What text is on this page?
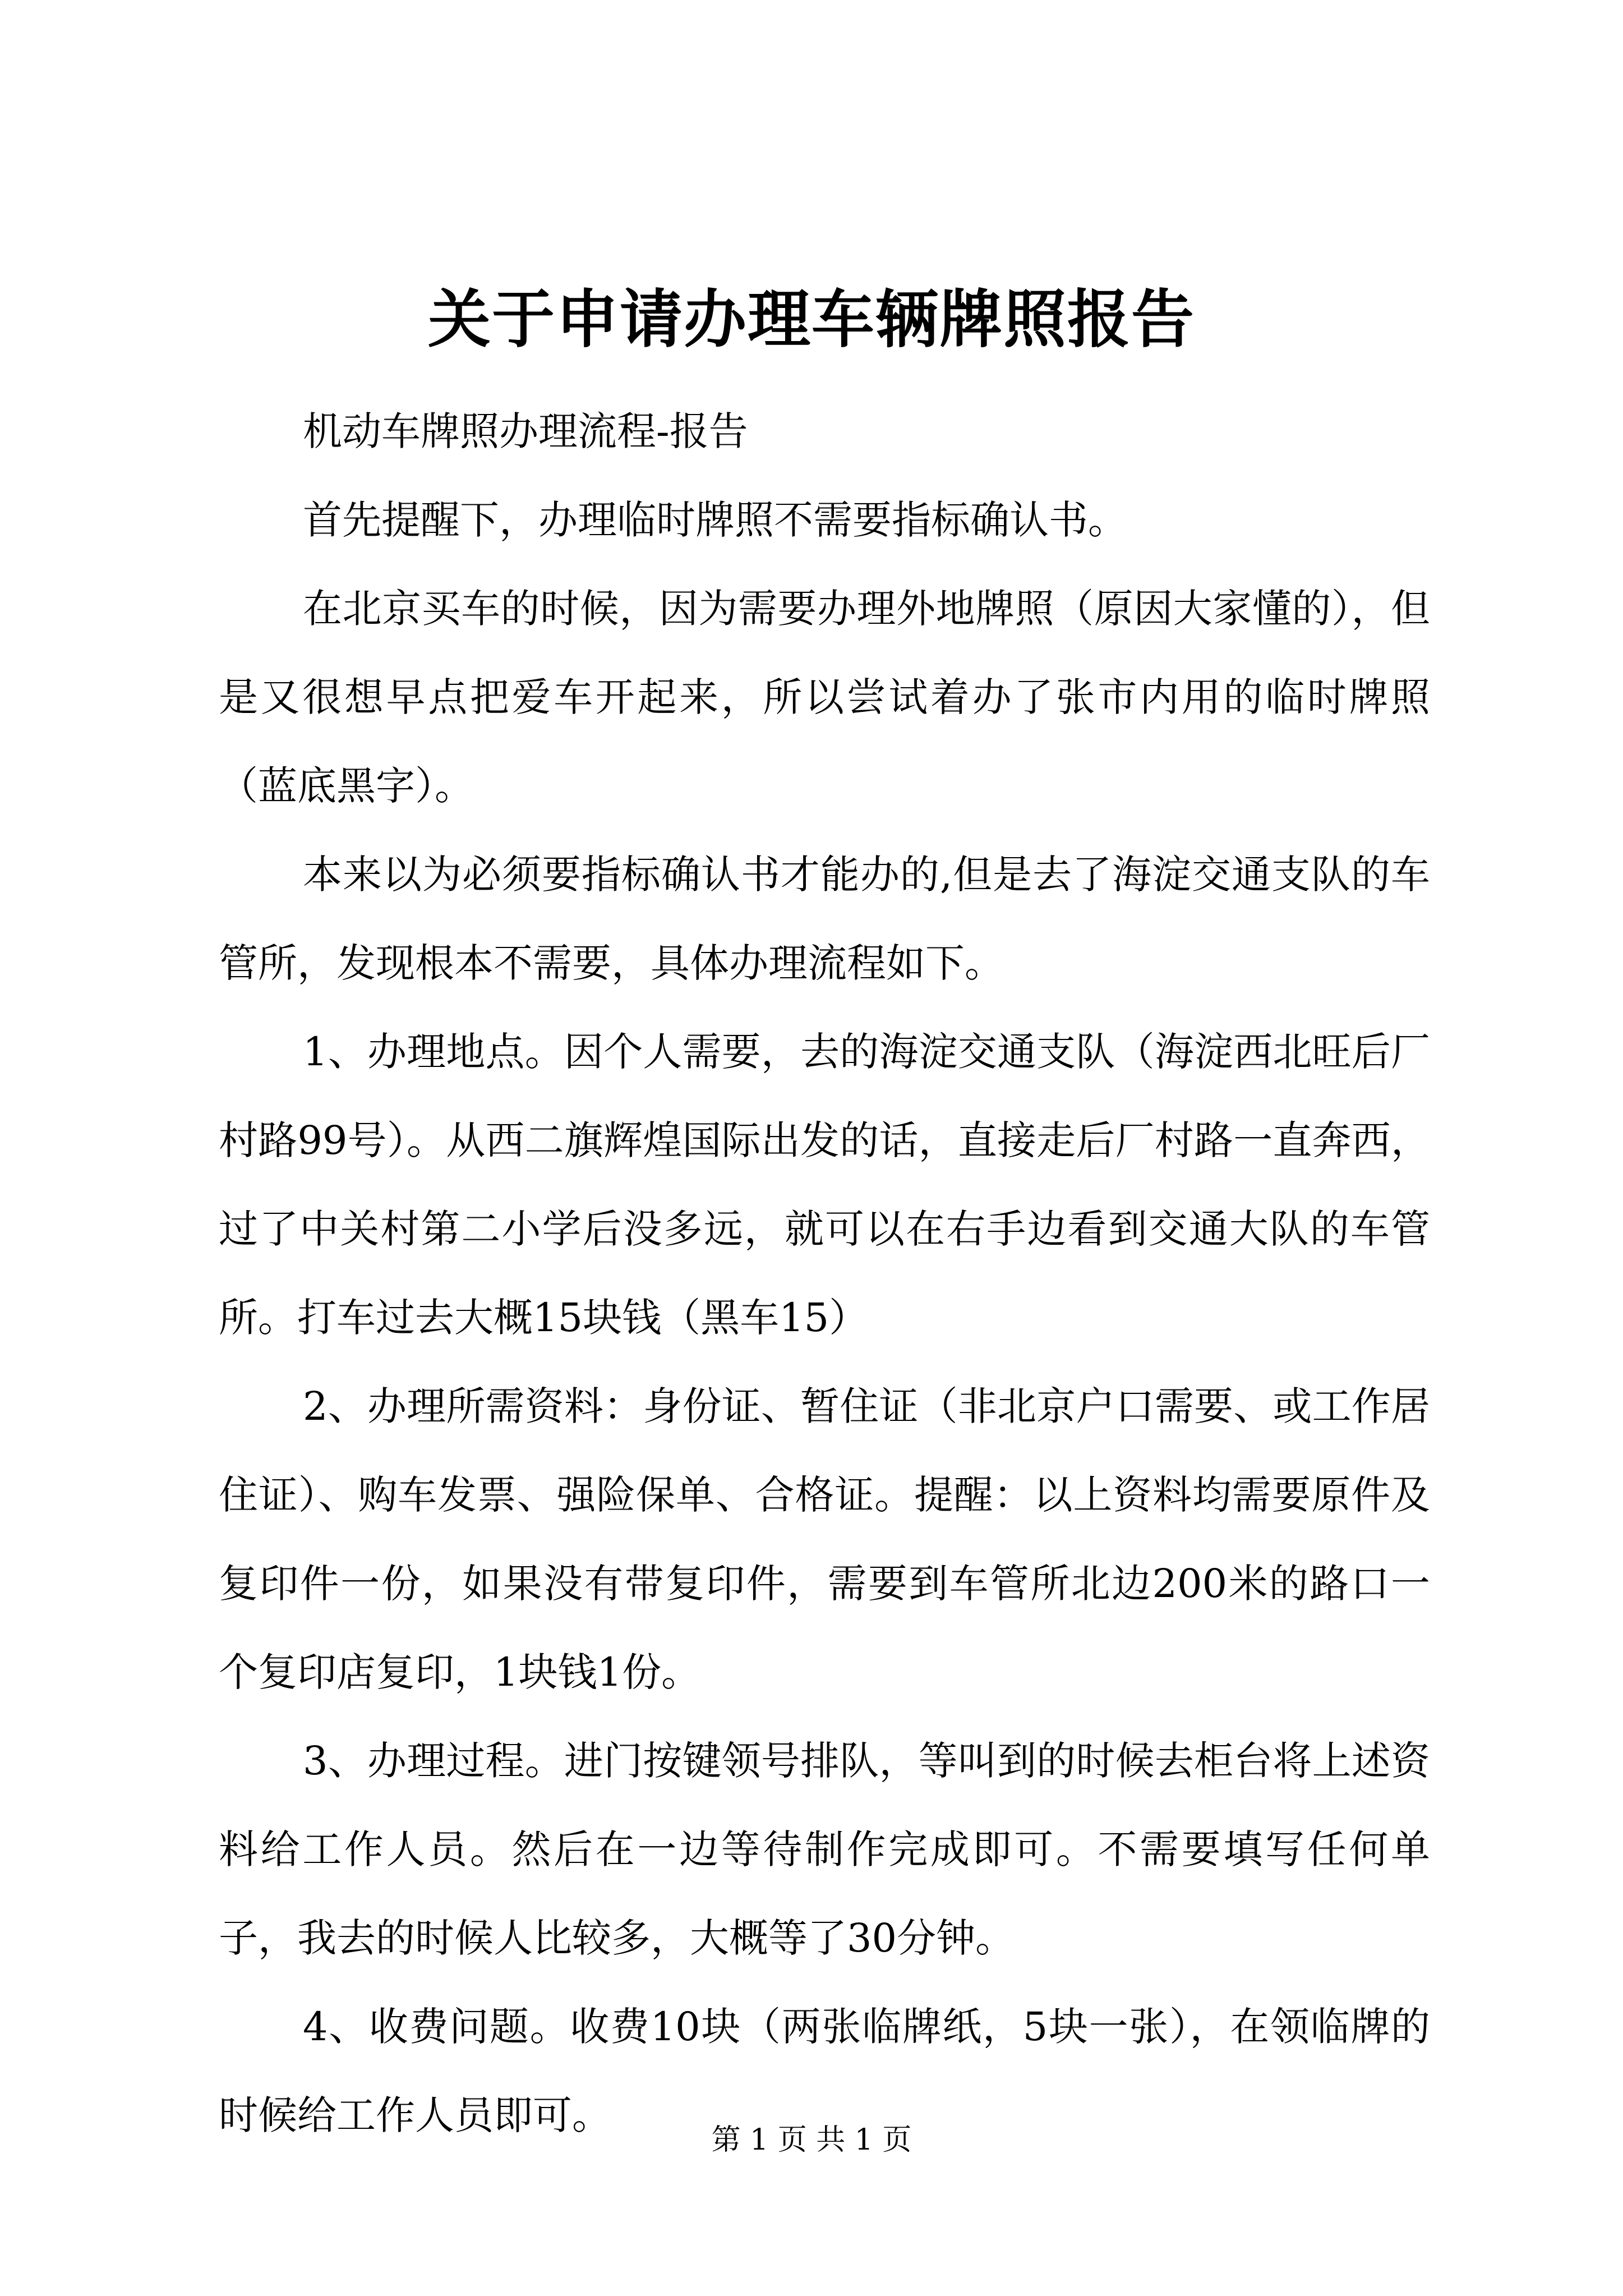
关于申请办理车辆牌照报告

机动车牌照办理流程-报告

首先提醒下，办理临时牌照不需要指标确认书。

在北京买车的时候，因为需要办理外地牌照（原因大家懂的），但是又很想早点把爱车开起来，所以尝试着办了张市内用的临时牌照（蓝底黑字）。

本来以为必须要指标确认书才能办的,但是去了海淀交通支队的车管所，发现根本不需要，具体办理流程如下。

1、办理地点。因个人需要，去的海淀交通支队（海淀西北旺后厂村路99号）。从西二旗辉煌国际出发的话，直接走后厂村路一直奔西，过了中关村第二小学后没多远，就可以在右手边看到交通大队的车管所。打车过去大概15块钱（黑车15）

2、办理所需资料：身份证、暂住证（非北京户口需要、或工作居住证）、购车发票、强险保单、合格证。提醒：以上资料均需要原件及复印件一份，如果没有带复印件，需要到车管所北边200米的路口一个复印店复印，1块钱1份。

3、办理过程。进门按键领号排队，等叫到的时候去柜台将上述资料给工作人员。然后在一边等待制作完成即可。不需要填写任何单子，我去的时候人比较多，大概等了30分钟。

4、收费问题。收费10块（两张临牌纸，5块一张），在领临牌的时候给工作人员即可。

第 1 页 共 1 页
